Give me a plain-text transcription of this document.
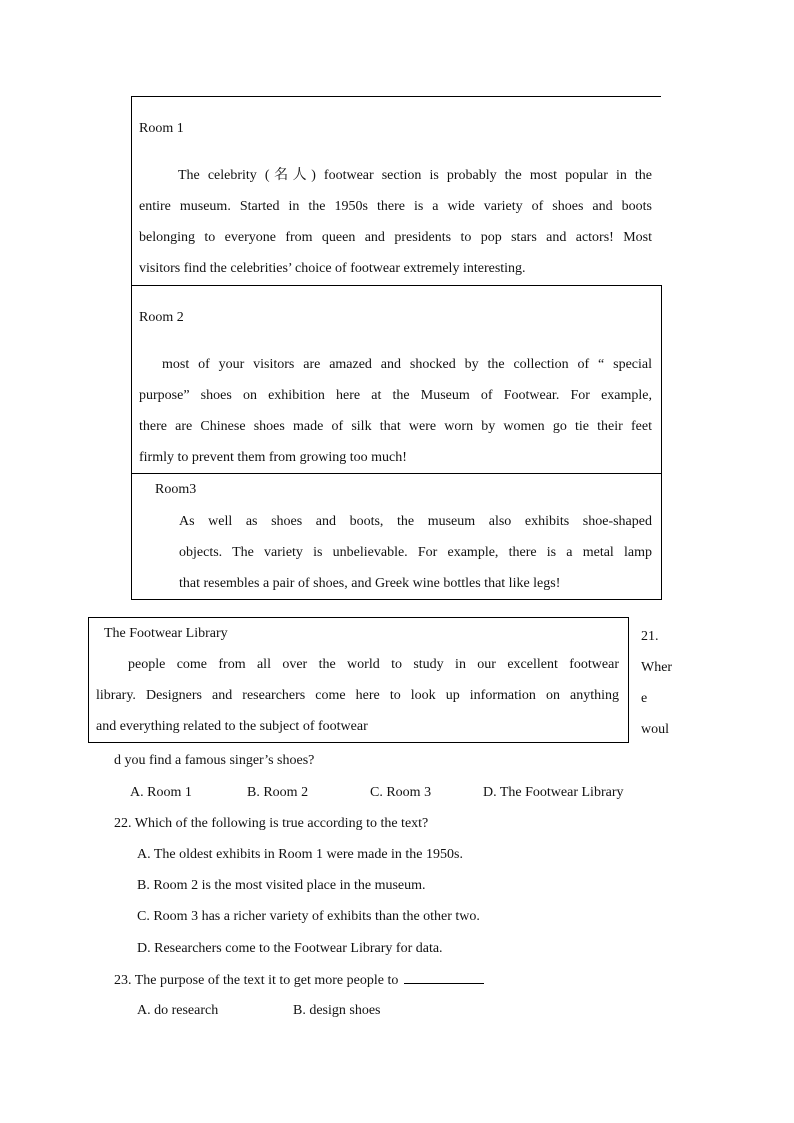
Room 1
The celebrity (名人) footwear section is probably the most popular in the
entire museum. Started in the 1950s there is a wide variety of shoes and boots
belonging to everyone from queen and presidents to pop stars and actors! Most
visitors find the celebrities’ choice of footwear extremely interesting.
Room 2
most of your visitors are amazed and shocked by the collection of “ special
purpose” shoes on exhibition here at the Museum of Footwear. For example,
there are Chinese shoes made of silk that were worn by women go tie their feet
firmly to prevent them from growing too much!
Room3
As well as shoes and boots, the museum also exhibits shoe-shaped
objects. The variety is unbelievable. For example, there is a metal lamp
that resembles a pair of shoes, and Greek wine bottles that like legs!
The Footwear Library
people come from all over the world to study in our excellent footwear
library. Designers and researchers come here to look up information on anything
and everything related to the subject of footwear
21.
Wher
e
woul
d you find a famous singer’s shoes?
A. Room 1	B. Room 2	C. Room 3	D. The Footwear Library
22. Which of the following is true according to the text?
A. The oldest exhibits in Room 1 were made in the 1950s.
B. Room 2 is the most visited place in the museum.
C. Room 3 has a richer variety of exhibits than the other two.
D. Researchers come to the Footwear Library for data.
23. The purpose of the text it to get more people to
A. do research	B. design shoes
